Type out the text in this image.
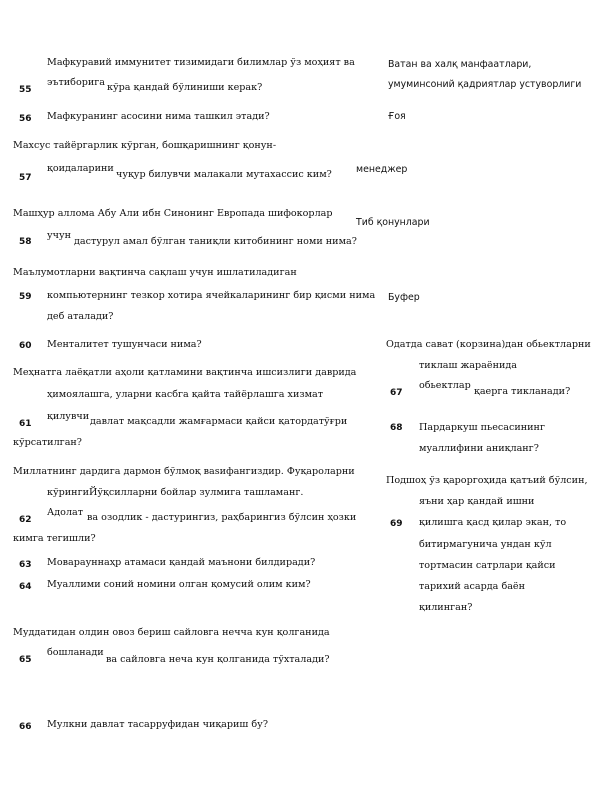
55
Мафкуравий иммунитет тизимидаги билимлар ўз моҳият ва
эътиборига кўра қандай бўлиниши керак?
Ватан ва халқ манфаатлари,
умуминсоний қадриятлар устуворлиги
56 Мафкуранинг асосини нима ташкил этади?	Ғоя
Махсус тайёргарлик кўрган, бошқаришнинг қонун-
57
қоидаларини
чуқур билувчи малакали мутахассис ким?	менеджер
Машҳур аллома Абу Али ибн Синонинг Европада шифокорлар
58
учун
дастурул амал бўлган таниқли китобининг номи нима?
Тиб қонунлари
Маълумотларни вақтинча сақлаш учун ишлатиладиган
59 компьютернинг тезкор хотира ячейкаларининг бир қисми нима
деб аталади?
Буфер
60 Менталитет тушунчаси нима?
Меҳнатга лаёқатли аҳоли қатламини вақтинча ишсизлиги даврида
ҳимоялашга, уларни касбга қайта тайёрлашга хизмат
61
қилувчи давлат мақсадли жамғармаси қайси қатордатўғри
кўрсатилган?
Миллатнинг дардига дармон бўлмоқ ваsифангиздир. Фуқароларни
кўрингиЙўқсилларни бойлар зулмига ташламанг.
62
Адолат ва озодлик - дастурингиз, раҳбарингиз бўлсин ҳозки
кимга тегишли?
63 Моварауннаҳр атамаси қандай маънони билдиради?
64 Муаллими соний номини олган қомусий олим ким?
Муддатидан олдин овоз бериш сайловга нечча кун қолганида
65
бошланади
ва сайловга неча кун қолганида тўхталади?
66 Мулкни давлат тасарруфидан чиқариш бу?
Одатда сават (корзина)дан обьектларни
тиклаш жараёнида
67
обьектлар
қаерга тикланади?
68 Пардаркуш пьесасининг
муаллифини аниқланг?
Подшоҳ ўз қароргоҳида қатъий бўлсин,
яъни ҳар қандай ишни
69 қилишга қасд қилар экан, то
битирмагунича ундан кўл
тортмасин сатрлари қайси
тарихий асарда баён
қилинган?
